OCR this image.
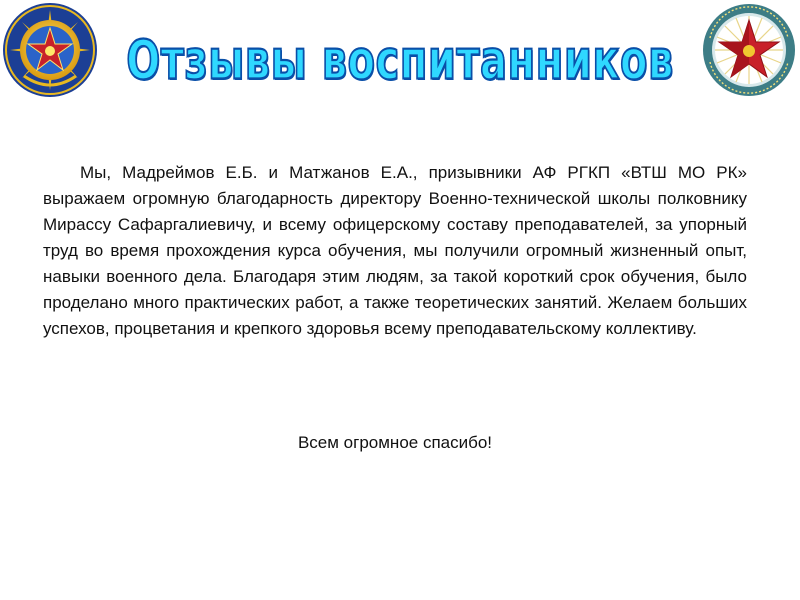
Отзывы воспитанников

Мы, Мадреймов Е.Б. и Матжанов Е.А., призывники АФ РГКП «ВТШ МО РК» выражаем огромную благодарность директору Военно-технической школы полковнику Мирассу Сафаргалиевичу, и всему офицерскому составу преподавателей, за упорный труд во время прохождения курса обучения, мы получили огромный жизненный опыт, навыки военного дела. Благодаря этим людям, за такой короткий срок обучения, было проделано много практических работ, а также теоретических занятий. Желаем больших успехов, процветания и крепкого здоровья всему преподавательскому коллективу.

Всем огромное спасибо!
